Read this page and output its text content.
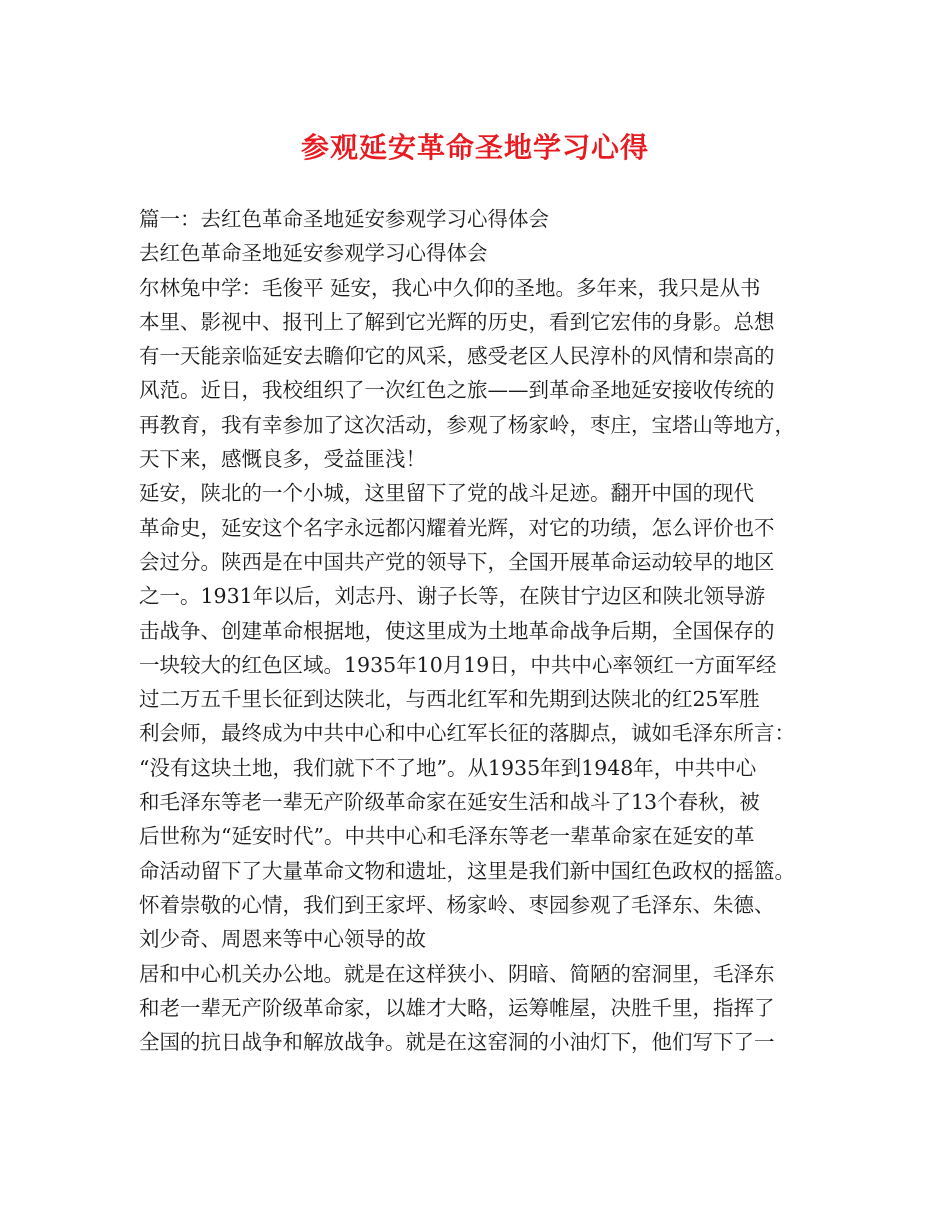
参观延安革命圣地学习心得
篇一：去红色革命圣地延安参观学习心得体会
去红色革命圣地延安参观学习心得体会
尔林兔中学：毛俊平 延安，我心中久仰的圣地。多年来，我只是从书
本里、影视中、报刊上了解到它光辉的历史，看到它宏伟的身影。总想
有一天能亲临延安去瞻仰它的风采，感受老区人民淳朴的风情和崇高的
风范。近日，我校组织了一次红色之旅——到革命圣地延安接收传统的
再教育，我有幸参加了这次活动，参观了杨家岭，枣庄，宝塔山等地方，
天下来，感慨良多，受益匪浅！
延安，陕北的一个小城，这里留下了党的战斗足迹。翻开中国的现代
革命史，延安这个名字永远都闪耀着光辉，对它的功绩，怎么评价也不
会过分。陕西是在中国共产党的领导下，全国开展革命运动较早的地区
之一。1931年以后，刘志丹、谢子长等，在陕甘宁边区和陕北领导游
击战争、创建革命根据地，使这里成为土地革命战争后期，全国保存的
一块较大的红色区域。1935年10月19日，中共中心率领红一方面军经
过二万五千里长征到达陕北，与西北红军和先期到达陕北的红25军胜
利会师，最终成为中共中心和中心红军长征的落脚点，诚如毛泽东所言：
“没有这块土地，我们就下不了地”。从1935年到1948年，中共中心
和毛泽东等老一辈无产阶级革命家在延安生活和战斗了13个春秋，被
后世称为“延安时代”。中共中心和毛泽东等老一辈革命家在延安的革
命活动留下了大量革命文物和遗址，这里是我们新中国红色政权的摇篮。
怀着崇敬的心情，我们到王家坪、杨家岭、枣园参观了毛泽东、朱德、
刘少奇、周恩来等中心领导的故
居和中心机关办公地。就是在这样狭小、阴暗、简陋的窑洞里，毛泽东
和老一辈无产阶级革命家，以雄才大略，运筹帷屋，决胜千里，指挥了
全国的抗日战争和解放战争。就是在这窑洞的小油灯下，他们写下了一
